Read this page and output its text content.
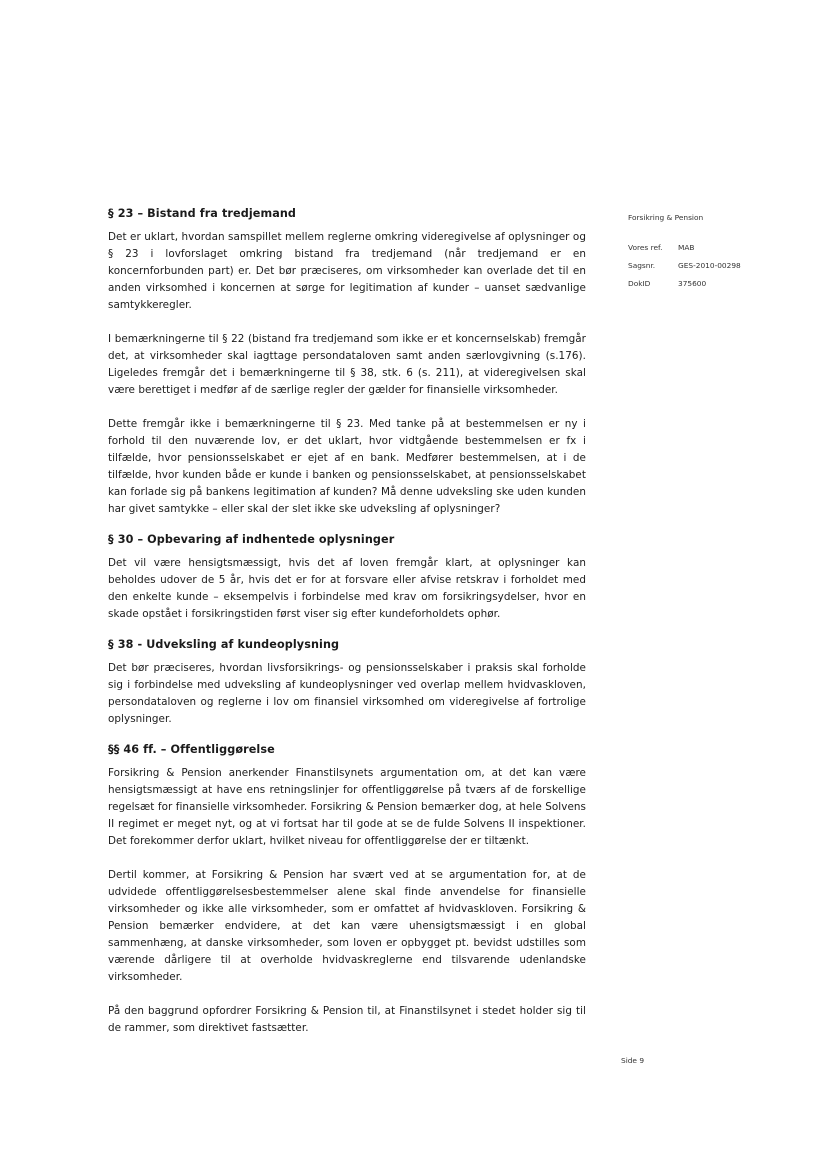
Forsikring & Pension
Vores ref.	MAB
Sagsnr.	GES-2010-00298
DokID	375600
§ 23 – Bistand fra tredjemand

Det er uklart, hvordan samspillet mellem reglerne omkring videregivelse af oplysninger og § 23 i lovforslaget omkring bistand fra tredjemand (når tredjemand er en koncernforbunden part) er. Det bør præciseres, om virksomheder kan overlade det til en anden virksomhed i koncernen at sørge for legitimation af kunder – uanset sædvanlige samtykkeregler.

I bemærkningerne til § 22 (bistand fra tredjemand som ikke er et koncernselskab) fremgår det, at virksomheder skal iagttage persondataloven samt anden særlovgivning (s.176). Ligeledes fremgår det i bemærkningerne til § 38, stk. 6 (s. 211), at videregivelsen skal være berettiget i medfør af de særlige regler der gælder for finansielle virksomheder.

Dette fremgår ikke i bemærkningerne til § 23. Med tanke på at bestemmelsen er ny i forhold til den nuværende lov, er det uklart, hvor vidtgående bestemmelsen er fx i tilfælde, hvor pensionsselskabet er ejet af en bank. Medfører bestemmelsen, at i de tilfælde, hvor kunden både er kunde i banken og pensionsselskabet, at pensionsselskabet kan forlade sig på bankens legitimation af kunden? Må denne udveksling ske uden kunden har givet samtykke – eller skal der slet ikke ske udveksling af oplysninger?

§ 30 – Opbevaring af indhentede oplysninger

Det vil være hensigtsmæssigt, hvis det af loven fremgår klart, at oplysninger kan beholdes udover de 5 år, hvis det er for at forsvare eller afvise retskrav i forholdet med den enkelte kunde – eksempelvis i forbindelse med krav om forsikringsydelser, hvor en skade opstået i forsikringstiden først viser sig efter kundeforholdets ophør.

§ 38 - Udveksling af kundeoplysning

Det bør præciseres, hvordan livsforsikrings- og pensionsselskaber i praksis skal forholde sig i forbindelse med udveksling af kundeoplysninger ved overlap mellem hvidvaskloven, persondataloven og reglerne i lov om finansiel virksomhed om videregivelse af fortrolige oplysninger.

§§ 46 ff. – Offentliggørelse

Forsikring & Pension anerkender Finanstilsynets argumentation om, at det kan være hensigtsmæssigt at have ens retningslinjer for offentliggørelse på tværs af de forskellige regelsæt for finansielle virksomheder. Forsikring & Pension bemærker dog, at hele Solvens II regimet er meget nyt, og at vi fortsat har til gode at se de fulde Solvens II inspektioner. Det forekommer derfor uklart, hvilket niveau for offentliggørelse der er tiltænkt.

Dertil kommer, at Forsikring & Pension har svært ved at se argumentation for, at de udvidede offentliggørelsesbestemmelser alene skal finde anvendelse for finansielle virksomheder og ikke alle virksomheder, som er omfattet af hvidvaskloven. Forsikring & Pension bemærker endvidere, at det kan være uhensigtsmæssigt i en global sammenhæng, at danske virksomheder, som loven er opbygget pt. bevidst udstilles som værende dårligere til at overholde hvidvaskreglerne end tilsvarende udenlandske virksomheder.

På den baggrund opfordrer Forsikring & Pension til, at Finanstilsynet i stedet holder sig til de rammer, som direktivet fastsætter.

Side 9
